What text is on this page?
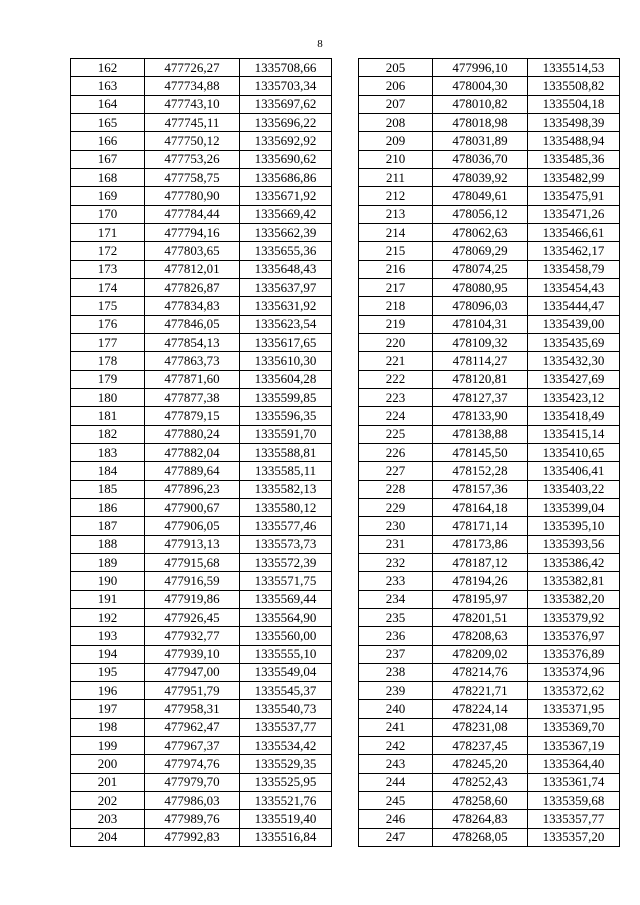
8
162	477726,27	1335708,66
163	477734,88	1335703,34
164	477743,10	1335697,62
165	477745,11	1335696,22
166	477750,12	1335692,92
167	477753,26	1335690,62
168	477758,75	1335686,86
169	477780,90	1335671,92
170	477784,44	1335669,42
171	477794,16	1335662,39
172	477803,65	1335655,36
173	477812,01	1335648,43
174	477826,87	1335637,97
175	477834,83	1335631,92
176	477846,05	1335623,54
177	477854,13	1335617,65
178	477863,73	1335610,30
179	477871,60	1335604,28
180	477877,38	1335599,85
181	477879,15	1335596,35
182	477880,24	1335591,70
183	477882,04	1335588,81
184	477889,64	1335585,11
185	477896,23	1335582,13
186	477900,67	1335580,12
187	477906,05	1335577,46
188	477913,13	1335573,73
189	477915,68	1335572,39
190	477916,59	1335571,75
191	477919,86	1335569,44
192	477926,45	1335564,90
193	477932,77	1335560,00
194	477939,10	1335555,10
195	477947,00	1335549,04
196	477951,79	1335545,37
197	477958,31	1335540,73
198	477962,47	1335537,77
199	477967,37	1335534,42
200	477974,76	1335529,35
201	477979,70	1335525,95
202	477986,03	1335521,76
203	477989,76	1335519,40
204	477992,83	1335516,84
205	477996,10	1335514,53
206	478004,30	1335508,82
207	478010,82	1335504,18
208	478018,98	1335498,39
209	478031,89	1335488,94
210	478036,70	1335485,36
211	478039,92	1335482,99
212	478049,61	1335475,91
213	478056,12	1335471,26
214	478062,63	1335466,61
215	478069,29	1335462,17
216	478074,25	1335458,79
217	478080,95	1335454,43
218	478096,03	1335444,47
219	478104,31	1335439,00
220	478109,32	1335435,69
221	478114,27	1335432,30
222	478120,81	1335427,69
223	478127,37	1335423,12
224	478133,90	1335418,49
225	478138,88	1335415,14
226	478145,50	1335410,65
227	478152,28	1335406,41
228	478157,36	1335403,22
229	478164,18	1335399,04
230	478171,14	1335395,10
231	478173,86	1335393,56
232	478187,12	1335386,42
233	478194,26	1335382,81
234	478195,97	1335382,20
235	478201,51	1335379,92
236	478208,63	1335376,97
237	478209,02	1335376,89
238	478214,76	1335374,96
239	478221,71	1335372,62
240	478224,14	1335371,95
241	478231,08	1335369,70
242	478237,45	1335367,19
243	478245,20	1335364,40
244	478252,43	1335361,74
245	478258,60	1335359,68
246	478264,83	1335357,77
247	478268,05	1335357,20
